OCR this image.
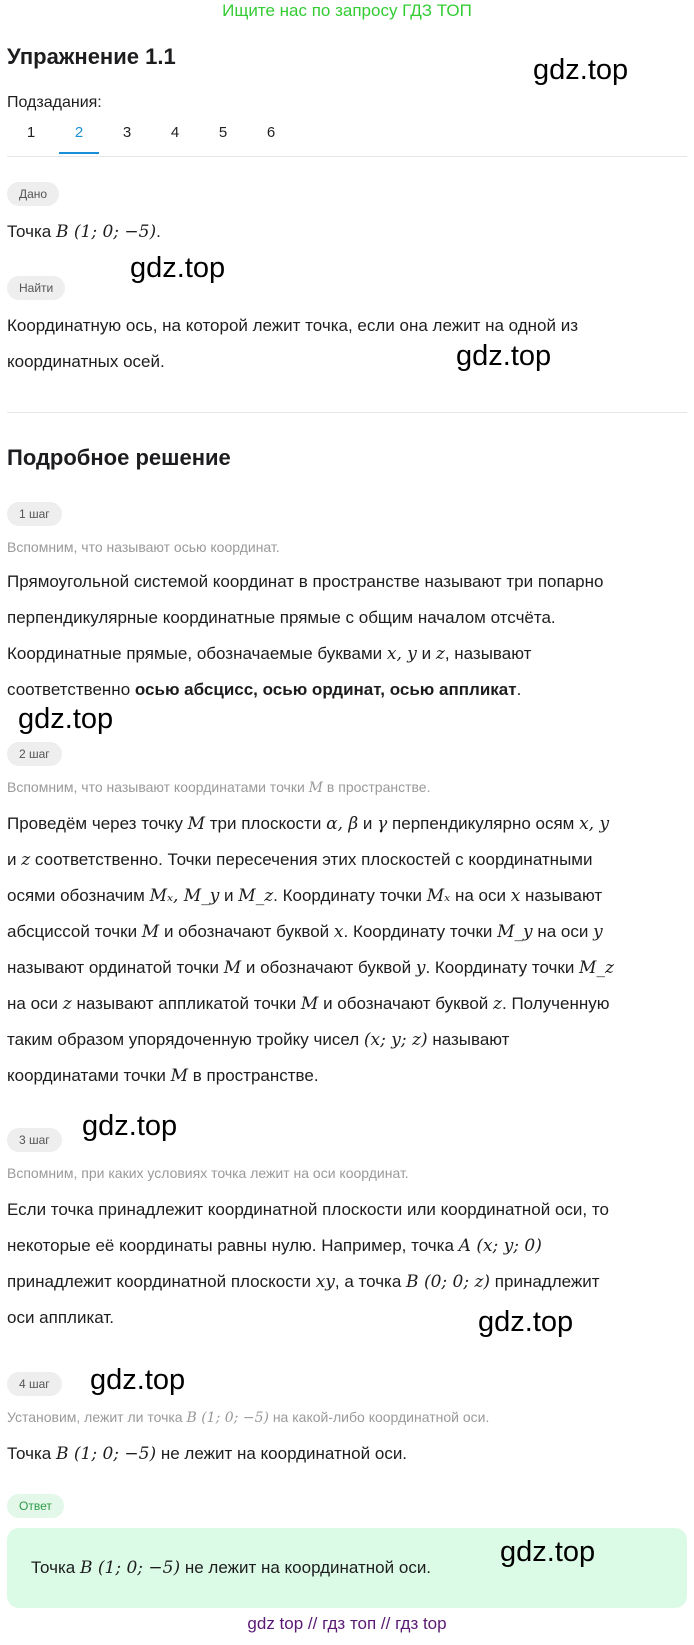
Ищите нас по запросу ГДЗ ТОП
Упражнение 1.1	gdz.top
Подзадания:
1	2	3	4	5	6
Дано
Точка B (1; 0; −5).
gdz.top
Найти
Координатную ось, на которой лежит точка, если она лежит на одной из
координатных осей.	gdz.top
Подробное решение
1 шаг
Вспомним, что называют осью координат.
Прямоугольной системой координат в пространстве называют три попарно
перпендикулярные координатные прямые с общим началом отсчёта.
Координатные прямые, обозначаемые буквами x, y и z, называют
соответственно осью абсцисс, осью ординат, осью аппликат.
gdz.top
2 шаг
Вспомним, что называют координатами точки M в пространстве.
Проведём через точку M три плоскости α, β и γ перпендикулярно осям x, y
и z соответственно. Точки пересечения этих плоскостей с координатными
осями обозначим Mₓ, M_y и M_z. Координату точки Mₓ на оси x называют
абсциссой точки M и обозначают буквой x. Координату точки M_y на оси y
называют ординатой точки M и обозначают буквой y. Координату точки M_z
на оси z называют аппликатой точки M и обозначают буквой z. Полученную
таким образом упорядоченную тройку чисел (x; y; z) называют
координатами точки M в пространстве.
3 шаг	gdz.top
Вспомним, при каких условиях точка лежит на оси координат.
Если точка принадлежит координатной плоскости или координатной оси, то
некоторые её координаты равны нулю. Например, точка A (x; y; 0)
принадлежит координатной плоскости xy, а точка B (0; 0; z) принадлежит
оси аппликат.	gdz.top
4 шаг	gdz.top
Установим, лежит ли точка B (1; 0; −5) на какой-либо координатной оси.
Точка B (1; 0; −5) не лежит на координатной оси.
Ответ
Точка B (1; 0; −5) не лежит на координатной оси. gdz.top
gdz top // гдз топ // гдз top
